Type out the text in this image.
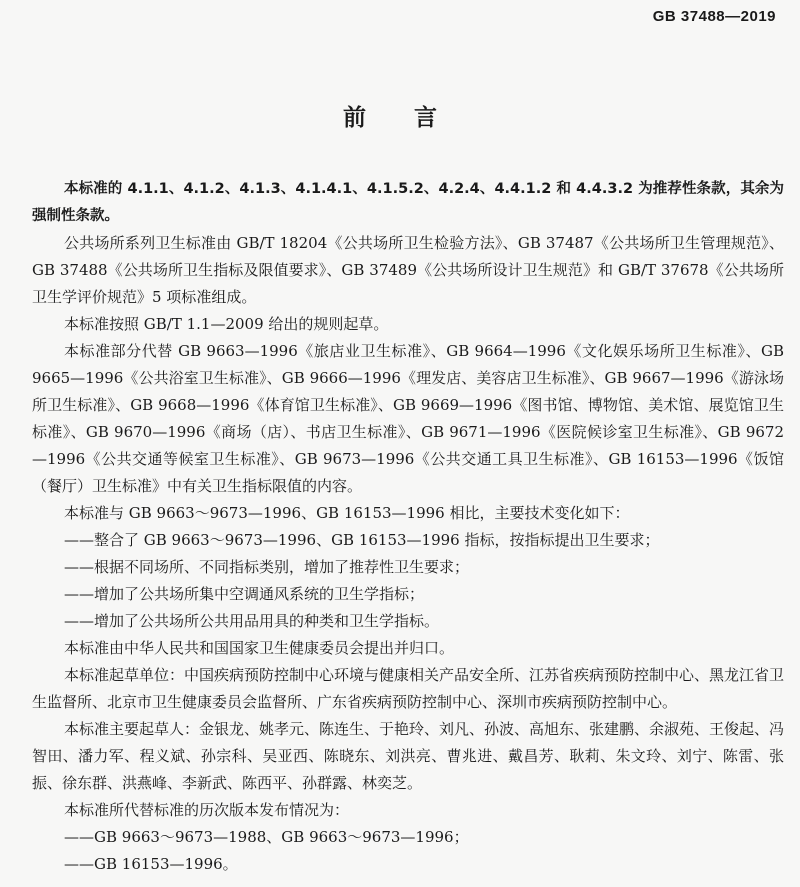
GB 37488—2019
前 言

本标准的 4.1.1、4.1.2、4.1.3、4.1.4.1、4.1.5.2、4.2.4、4.4.1.2 和 4.4.3.2 为推荐性条款，其余为强制性条款。

公共场所系列卫生标准由 GB/T 18204《公共场所卫生检验方法》、GB 37487《公共场所卫生管理规范》、GB 37488《公共场所卫生指标及限值要求》、GB 37489《公共场所设计卫生规范》和 GB/T 37678《公共场所卫生学评价规范》5 项标准组成。

本标准按照 GB/T 1.1—2009 给出的规则起草。

本标准部分代替 GB 9663—1996《旅店业卫生标准》、GB 9664—1996《文化娱乐场所卫生标准》、GB 9665—1996《公共浴室卫生标准》、GB 9666—1996《理发店、美容店卫生标准》、GB 9667—1996《游泳场所卫生标准》、GB 9668—1996《体育馆卫生标准》、GB 9669—1996《图书馆、博物馆、美术馆、展览馆卫生标准》、GB 9670—1996《商场（店）、书店卫生标准》、GB 9671—1996《医院候诊室卫生标准》、GB 9672—1996《公共交通等候室卫生标准》、GB 9673—1996《公共交通工具卫生标准》、GB 16153—1996《饭馆（餐厅）卫生标准》中有关卫生指标限值的内容。

本标准与 GB 9663～9673—1996、GB 16153—1996 相比，主要技术变化如下：

——整合了 GB 9663～9673—1996、GB 16153—1996 指标，按指标提出卫生要求；

——根据不同场所、不同指标类别，增加了推荐性卫生要求；

——增加了公共场所集中空调通风系统的卫生学指标；

——增加了公共场所公共用品用具的种类和卫生学指标。

本标准由中华人民共和国国家卫生健康委员会提出并归口。

本标准起草单位：中国疾病预防控制中心环境与健康相关产品安全所、江苏省疾病预防控制中心、黑龙江省卫生监督所、北京市卫生健康委员会监督所、广东省疾病预防控制中心、深圳市疾病预防控制中心。

本标准主要起草人：金银龙、姚孝元、陈连生、于艳玲、刘凡、孙波、高旭东、张建鹏、余淑苑、王俊起、冯智田、潘力军、程义斌、孙宗科、吴亚西、陈晓东、刘洪亮、曹兆进、戴昌芳、耿莉、朱文玲、刘宁、陈雷、张振、徐东群、洪燕峰、李新武、陈西平、孙群露、林奕芝。

本标准所代替标准的历次版本发布情况为：

——GB 9663～9673—1988、GB 9663～9673—1996；

——GB 16153—1996。
